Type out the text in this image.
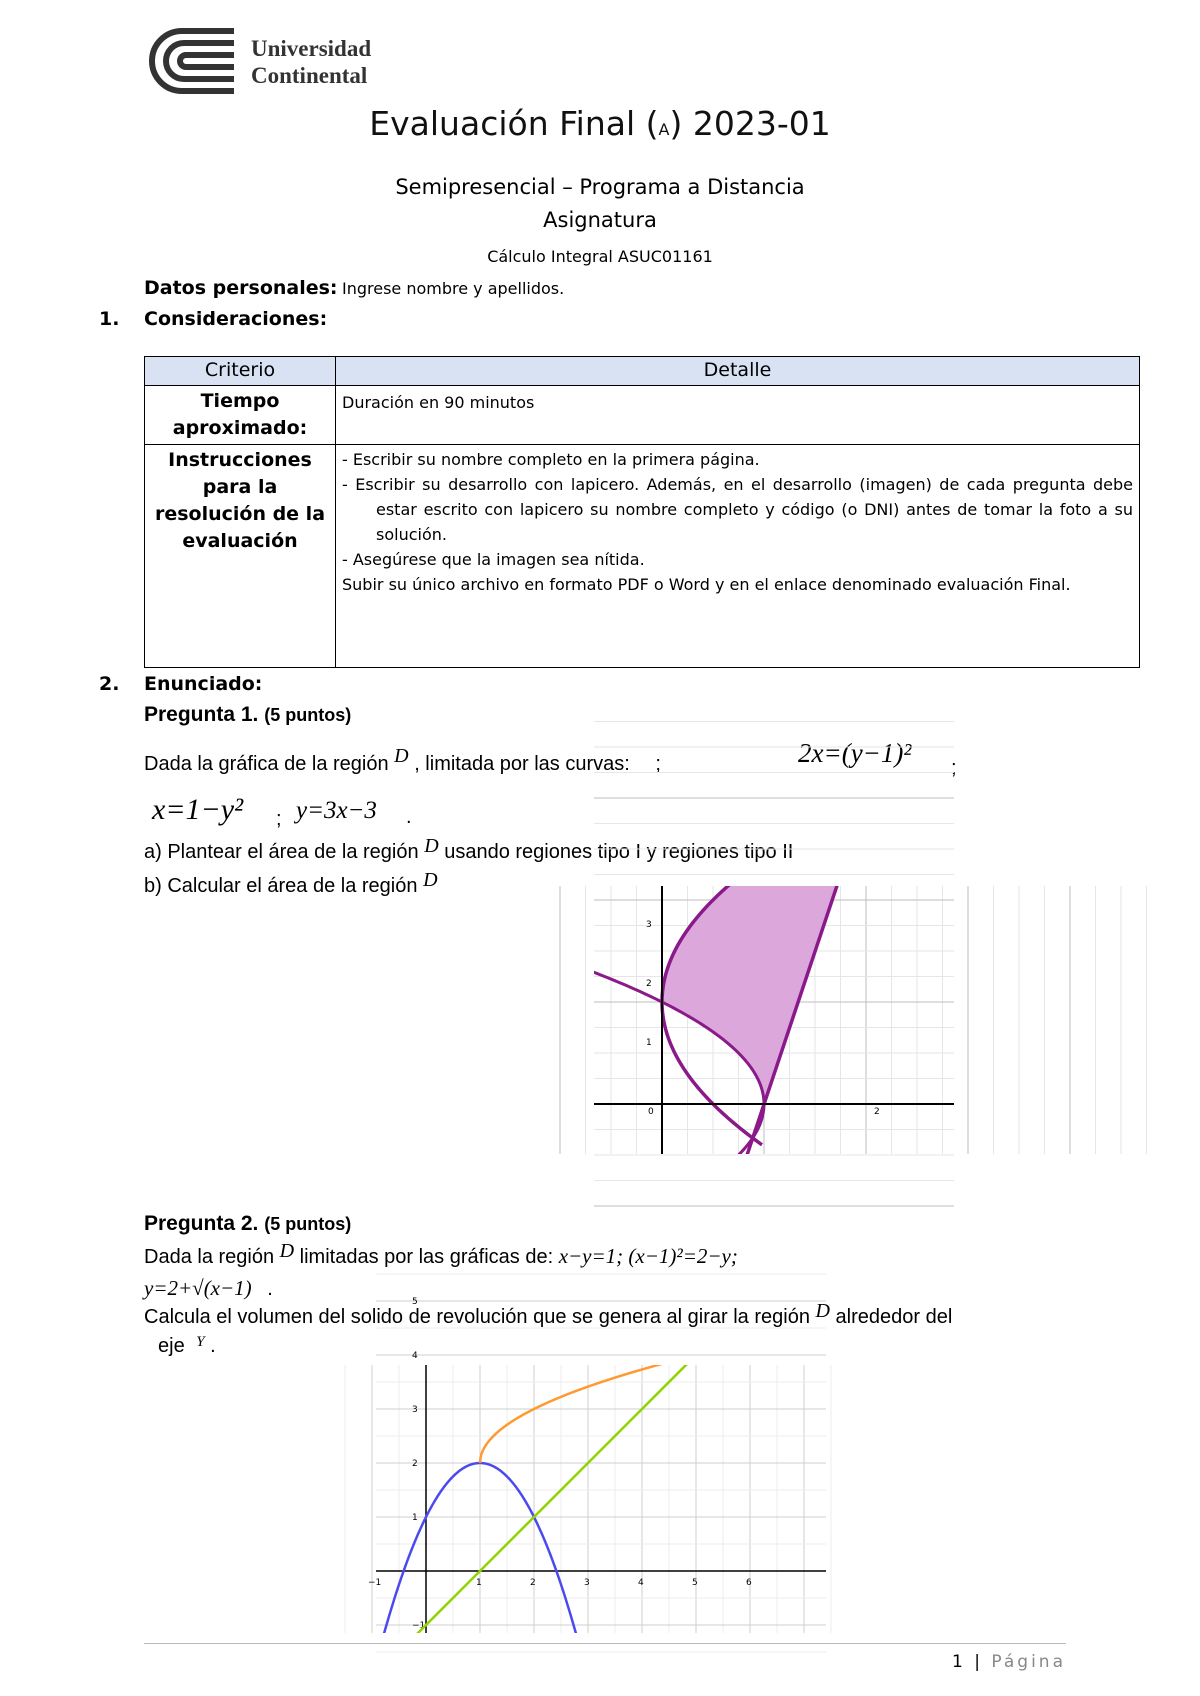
Universidad
Continental
Evaluación Final (A) 2023-01
Semipresencial – Programa a Distancia
Asignatura
Cálculo Integral ASUC01161
Datos personales: Ingrese nombre y apellidos.
1. Consideraciones:
Criterio	Detalle
Tiempo aproximado:	Duración en 90 minutos
Instrucciones para la resolución de la evaluación	- Escribir su nombre completo en la primera página.
- Escribir su desarrollo con lapicero. Además, en el desarrollo (imagen) de cada pregunta debe estar escrito con lapicero su nombre completo y código (o DNI) antes de tomar la foto a su solución.
- Asegúrese que la imagen sea nítida.
Subir su único archivo en formato PDF o Word y en el enlace denominado evaluación Final.
2. Enunciado:
Pregunta 1. (5 puntos)
Dada la gráfica de la región D , limitada por las curvas: ;	2x=(y−1)² ;
x=1−y² ; y=3x−3 .
a) Plantear el área de la región D usando regiones tipo I y regiones tipo II
b) Calcular el área de la región D
3
2
1
0	2
Pregunta 2. (5 puntos)
Dada la región D limitadas por las gráficas de: x−y=1; (x−1)²=2−y;
y=2+√(x−1) .
Calcula el volumen del solido de revolución que se genera al girar la región D alrededor del
eje $^Y$ .
−1	1	2	3	4	5	6
5
4
3
2
1
−1
1 | Página
